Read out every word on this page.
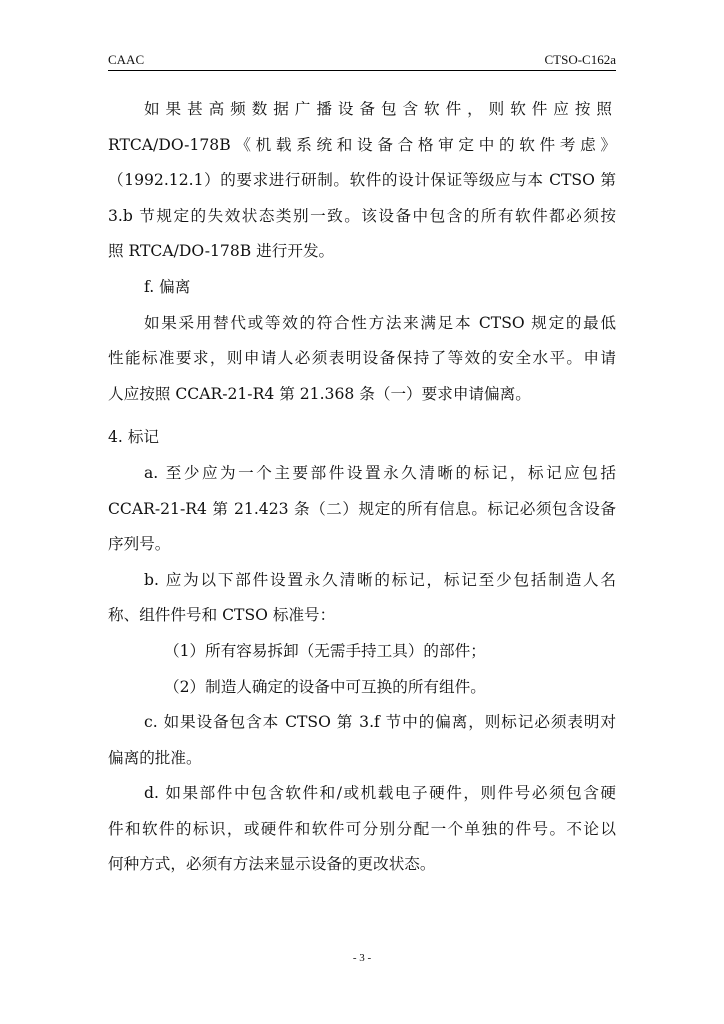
CAAC	CTSO-C162a

如果甚高频数据广播设备包含软件，则软件应按照

RTCA/DO-178B《机载系统和设备合格审定中的软件考虑》

（1992.12.1）的要求进行研制。软件的设计保证等级应与本 CTSO 第

3.b 节规定的失效状态类别一致。该设备中包含的所有软件都必须按

照 RTCA/DO-178B 进行开发。

f. 偏离

如果采用替代或等效的符合性方法来满足本 CTSO 规定的最低

性能标准要求，则申请人必须表明设备保持了等效的安全水平。申请

人应按照 CCAR-21-R4 第 21.368 条（一）要求申请偏离。

4. 标记

a. 至少应为一个主要部件设置永久清晰的标记，标记应包括

CCAR-21-R4 第 21.423 条（二）规定的所有信息。标记必须包含设备

序列号。

b. 应为以下部件设置永久清晰的标记，标记至少包括制造人名

称、组件件号和 CTSO 标准号：

（1）所有容易拆卸（无需手持工具）的部件；

（2）制造人确定的设备中可互换的所有组件。

c. 如果设备包含本 CTSO 第 3.f 节中的偏离，则标记必须表明对

偏离的批准。

d. 如果部件中包含软件和/或机载电子硬件，则件号必须包含硬

件和软件的标识，或硬件和软件可分别分配一个单独的件号。不论以

何种方式，必须有方法来显示设备的更改状态。

- 3 -
